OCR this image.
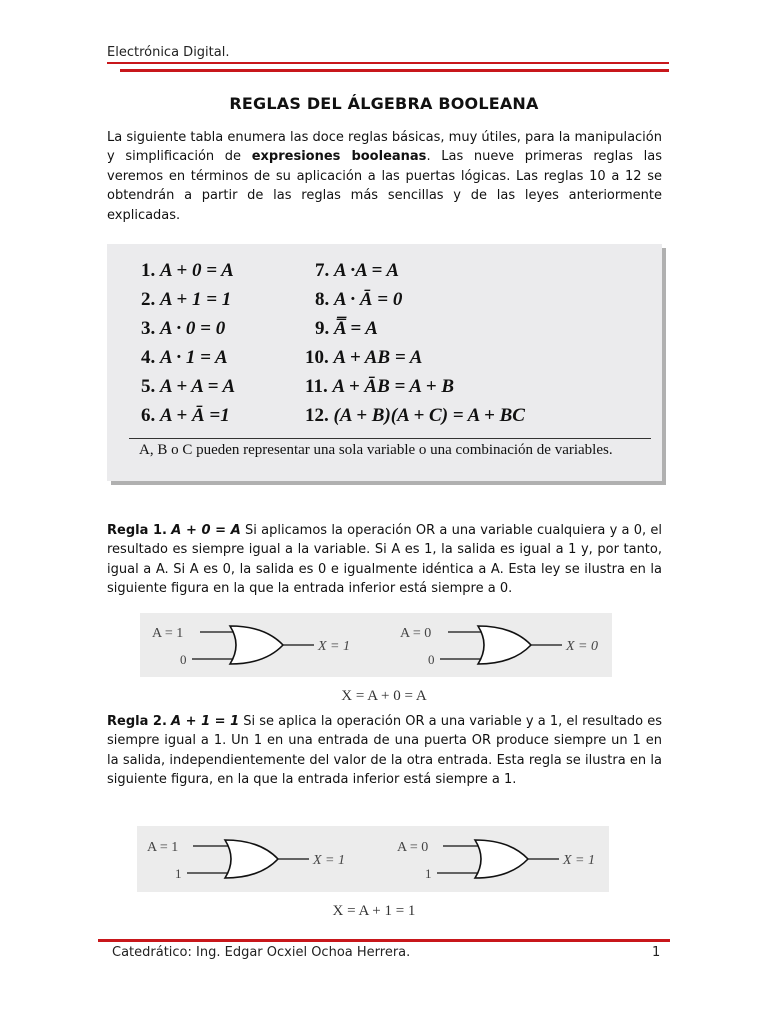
Electrónica Digital.
REGLAS DEL ÁLGEBRA BOOLEANA
La siguiente tabla enumera las doce reglas básicas, muy útiles, para la manipulación y simplificación de expresiones booleanas. Las nueve primeras reglas las veremos en términos de su aplicación a las puertas lógicas. Las reglas 10 a 12 se obtendrán a partir de las reglas más sencillas y de las leyes anteriormente explicadas.
1. A + 0 = A
2. A + 1 = 1
3. A · 0 = 0
4. A · 1 = A
5. A + A = A
6. A + Ā =1
7. A ·A = A
8. A · Ā = 0
9. A̿ = A
10. A + AB = A
11. A + ĀB = A + B
12. (A + B)(A + C) = A + BC
A, B o C pueden representar una sola variable o una combinación de variables.
Regla 1. A + 0 = A Si aplicamos la operación OR a una variable cualquiera y a 0, el resultado es siempre igual a la variable. Si A es 1, la salida es igual a 1 y, por tanto, igual a A. Si A es 0, la salida es 0 e igualmente idéntica a A. Esta ley se ilustra en la siguiente figura en la que la entrada inferior está siempre a 0.
A = 1
0
X = 1
A = 0
0
X = 0
X = A + 0 = A
Regla 2. A + 1 = 1 Si se aplica la operación OR a una variable y a 1, el resultado es siempre igual a 1. Un 1 en una entrada de una puerta OR produce siempre un 1 en la salida, independientemente del valor de la otra entrada. Esta regla se ilustra en la siguiente figura, en la que la entrada inferior está siempre a 1.
A = 1
1
X = 1
A = 0
1
X = 1
X = A + 1 = 1
Catedrático: Ing. Edgar Ocxiel Ochoa Herrera.	1
